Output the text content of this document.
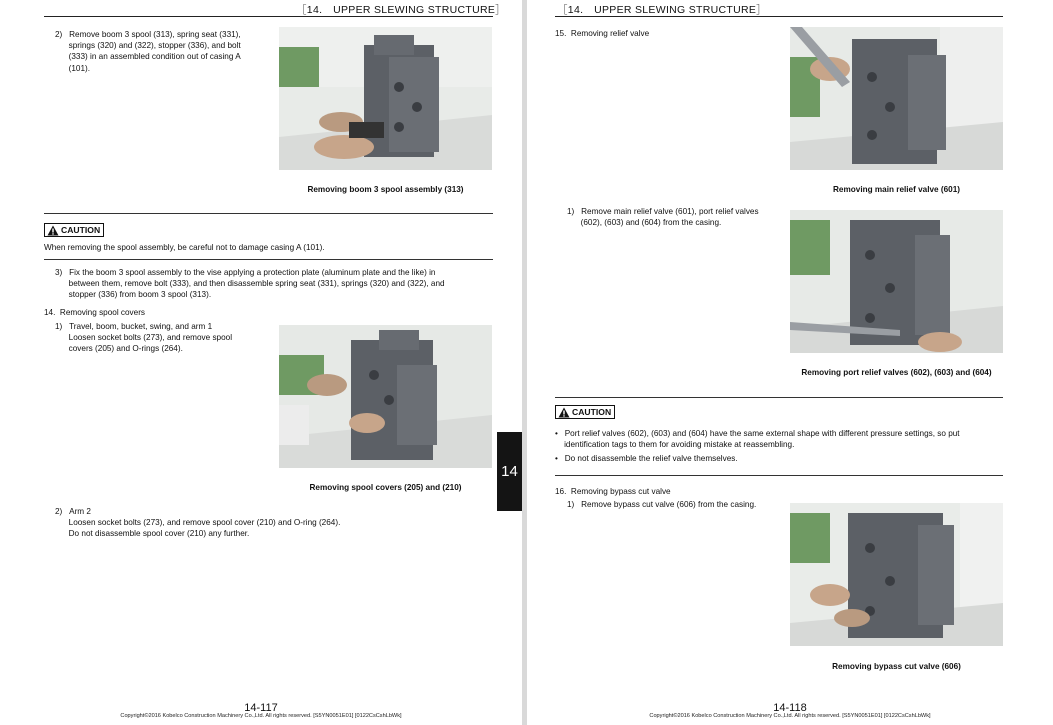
［14.　UPPER SLEWING STRUCTURE］
2)   Remove boom 3 spool (313), spring seat (331),
springs (320) and (322), stopper (336), and bolt
(333) in an assembled condition out of casing A
(101).
Removing boom 3 spool assembly (313)
CAUTION
When removing the spool assembly, be careful not to damage casing A (101).
3)   Fix the boom 3 spool assembly to the vise applying a protection plate (aluminum plate and the like) in
between them, remove bolt (333), and then disassemble spring seat (331), springs (320) and (322), and
stopper (336) from boom 3 spool (313).
14.  Removing spool covers
1)   Travel, boom, bucket, swing, and arm 1
Loosen socket bolts (273), and remove spool
covers (205) and O-rings (264).
Removing spool covers (205) and (210)
2)   Arm 2
Loosen socket bolts (273), and remove spool cover (210) and O-ring (264).
Do not disassemble spool cover (210) any further.
14
14-117
Copyright©2016 Kobelco Construction Machinery Co.,Ltd. All rights reserved. [S5YN0051E01] [0122CsCshLbWk]
［14.　UPPER SLEWING STRUCTURE］
15.  Removing relief valve
Removing main relief valve (601)
1)   Remove main relief valve (601), port relief valves
(602), (603) and (604) from the casing.
Removing port relief valves (602), (603) and (604)
CAUTION
•   Port relief valves (602), (603) and (604) have the same external shape with different pressure settings, so put
identification tags to them for avoiding mistake at reassembling.
•   Do not disassemble the relief valve themselves.
16.  Removing bypass cut valve
1)   Remove bypass cut valve (606) from the casing.
Removing bypass cut valve (606)
14-118
Copyright©2016 Kobelco Construction Machinery Co.,Ltd. All rights reserved. [S5YN0051E01] [0122CsCshLbWk]
